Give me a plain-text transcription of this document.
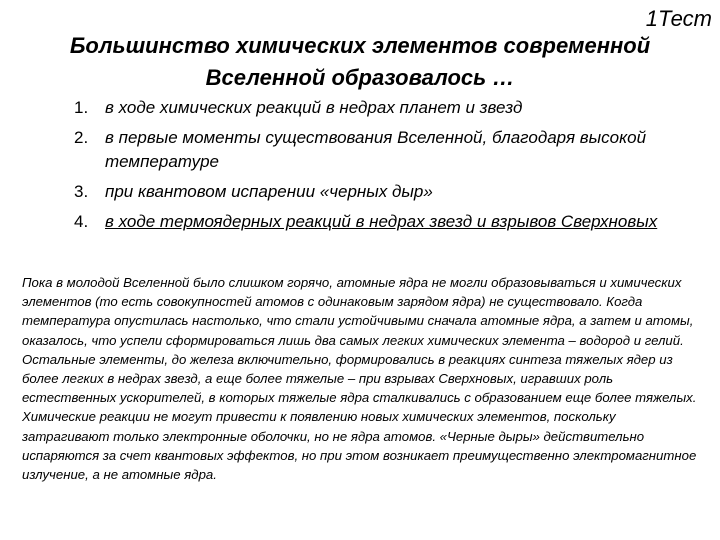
1Тест
Большинство химических элементов современной Вселенной образовалось …
1. в ходе химических реакций в недрах планет и звезд
2. в первые моменты существования Вселенной, благодаря высокой температуре
3. при квантовом испарении «черных дыр»
4. в ходе термоядерных реакций в недрах звезд и взрывов Сверхновых

Пока в молодой Вселенной было слишком горячо, атомные ядра не могли образовываться и химических элементов (то есть совокупностей атомов с одинаковым зарядом ядра) не существовало. Когда температура опустилась настолько, что стали устойчивыми сначала атомные ядра, а затем и атомы, оказалось, что успели сформироваться лишь два самых легких химических элемента – водород и гелий. Остальные элементы, до железа включительно, формировались в реакциях синтеза тяжелых ядер из более легких в недрах звезд, а еще более тяжелые – при взрывах Сверхновых, игравших роль естественных ускорителей, в которых тяжелые ядра сталкивались с образованием еще более тяжелых. Химические реакции не могут привести к появлению новых химических элементов, поскольку затрагивают только электронные оболочки, но не ядра атомов. «Черные дыры» действительно испаряются за счет квантовых эффектов, но при этом возникает преимущественно электромагнитное излучение, а не атомные ядра.
